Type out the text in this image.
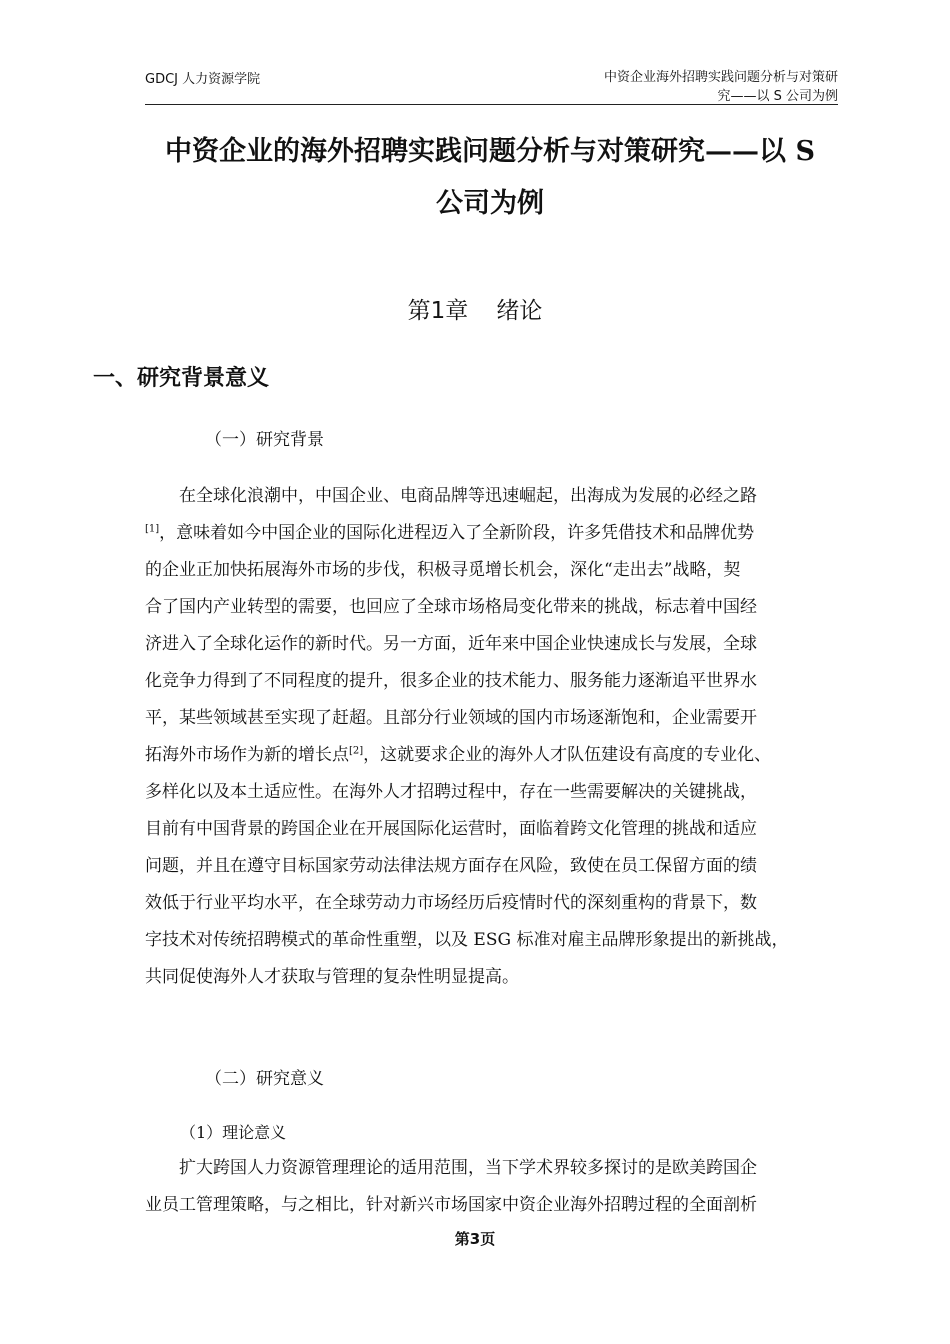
GDCJ 人力资源学院	中资企业海外招聘实践问题分析与对策研
究——以 S 公司为例
中资企业的海外招聘实践问题分析与对策研究——以 S
公司为例
第1章 绪论
一、研究背景意义
（一）研究背景
在全球化浪潮中，中国企业、电商品牌等迅速崛起，出海成为发展的必经之路
[1]，意味着如今中国企业的国际化进程迈入了全新阶段，许多凭借技术和品牌优势
的企业正加快拓展海外市场的步伐，积极寻觅增长机会，深化“走出去”战略，契
合了国内产业转型的需要，也回应了全球市场格局变化带来的挑战，标志着中国经
济进入了全球化运作的新时代。另一方面，近年来中国企业快速成长与发展，全球
化竞争力得到了不同程度的提升，很多企业的技术能力、服务能力逐渐追平世界水
平，某些领域甚至实现了赶超。且部分行业领域的国内市场逐渐饱和，企业需要开
拓海外市场作为新的增长点[2]，这就要求企业的海外人才队伍建设有高度的专业化、
多样化以及本土适应性。在海外人才招聘过程中，存在一些需要解决的关键挑战，
目前有中国背景的跨国企业在开展国际化运营时，面临着跨文化管理的挑战和适应
问题，并且在遵守目标国家劳动法律法规方面存在风险，致使在员工保留方面的绩
效低于行业平均水平，在全球劳动力市场经历后疫情时代的深刻重构的背景下，数
字技术对传统招聘模式的革命性重塑，以及 ESG 标准对雇主品牌形象提出的新挑战，
共同促使海外人才获取与管理的复杂性明显提高。
（二）研究意义
（1）理论意义
扩大跨国人力资源管理理论的适用范围，当下学术界较多探讨的是欧美跨国企
业员工管理策略，与之相比，针对新兴市场国家中资企业海外招聘过程的全面剖析
第3页
